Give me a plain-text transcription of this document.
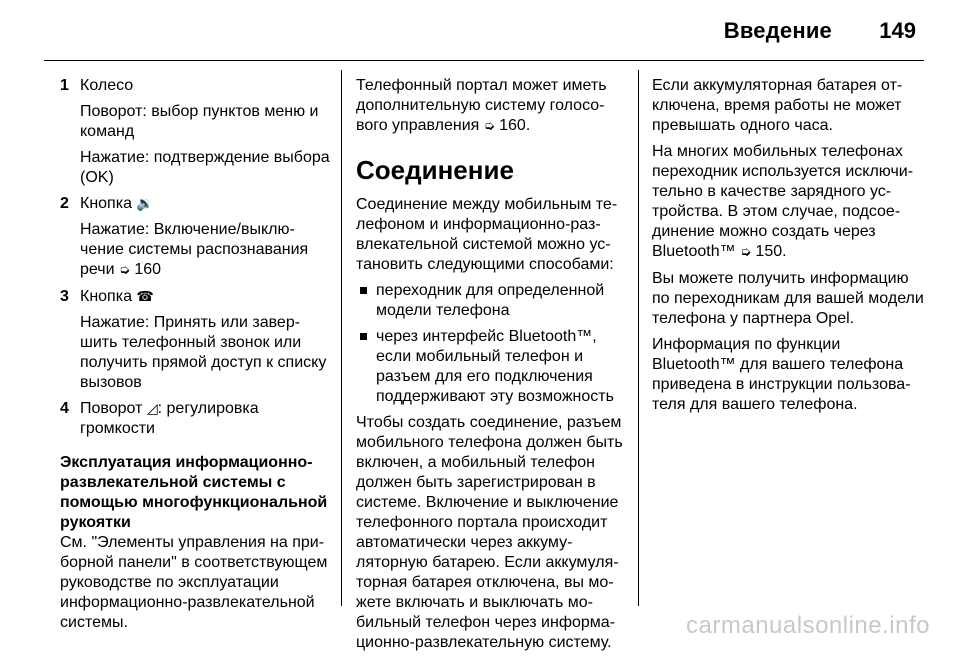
Введение 149
1 Колесо
Поворот: выбор пунктов меню и команд
Нажатие: подтверждение выбора (OK)
2 Кнопка 🔉
Нажатие: Включение/выключение системы распознавания речи ➭ 160
3 Кнопка ☎
Нажатие: Принять или завершить телефонный звонок или получить прямой доступ к списку вызовов
4 Поворот ◿: регулировка громкости
Эксплуатация информационно-развлекательной системы с помощью многофункциональной рукоятки

См. "Элементы управления на приборной панели" в соответствующем руководстве по эксплуатации информационно-развлекательной системы.

Телефонный портал может иметь дополнительную систему голосового управления ➭ 160.

Соединение

Соединение между мобильным телефоном и информационно-развлекательной системой можно установить следующими способами:

переходник для определенной модели телефона
через интерфейс Bluetooth™, если мобильный телефон и разъем для его подключения поддерживают эту возможность

Чтобы создать соединение, разъем мобильного телефона должен быть включен, а мобильный телефон должен быть зарегистрирован в системе. Включение и выключение телефонного портала происходит автоматически через аккумуляторную батарею. Если аккумуляторная батарея отключена, вы можете включать и выключать мобильный телефон через информационно-развлекательную систему.

Если аккумуляторная батарея отключена, время работы не может превышать одного часа.

На многих мобильных телефонах переходник используется исключительно в качестве зарядного устройства. В этом случае, подсоединение можно создать через Bluetooth™ ➭ 150.

Вы можете получить информацию по переходникам для вашей модели телефона у партнера Opel.

Информация по функции Bluetooth™ для вашего телефона приведена в инструкции пользователя для вашего телефона.

carmanualsonline.info
